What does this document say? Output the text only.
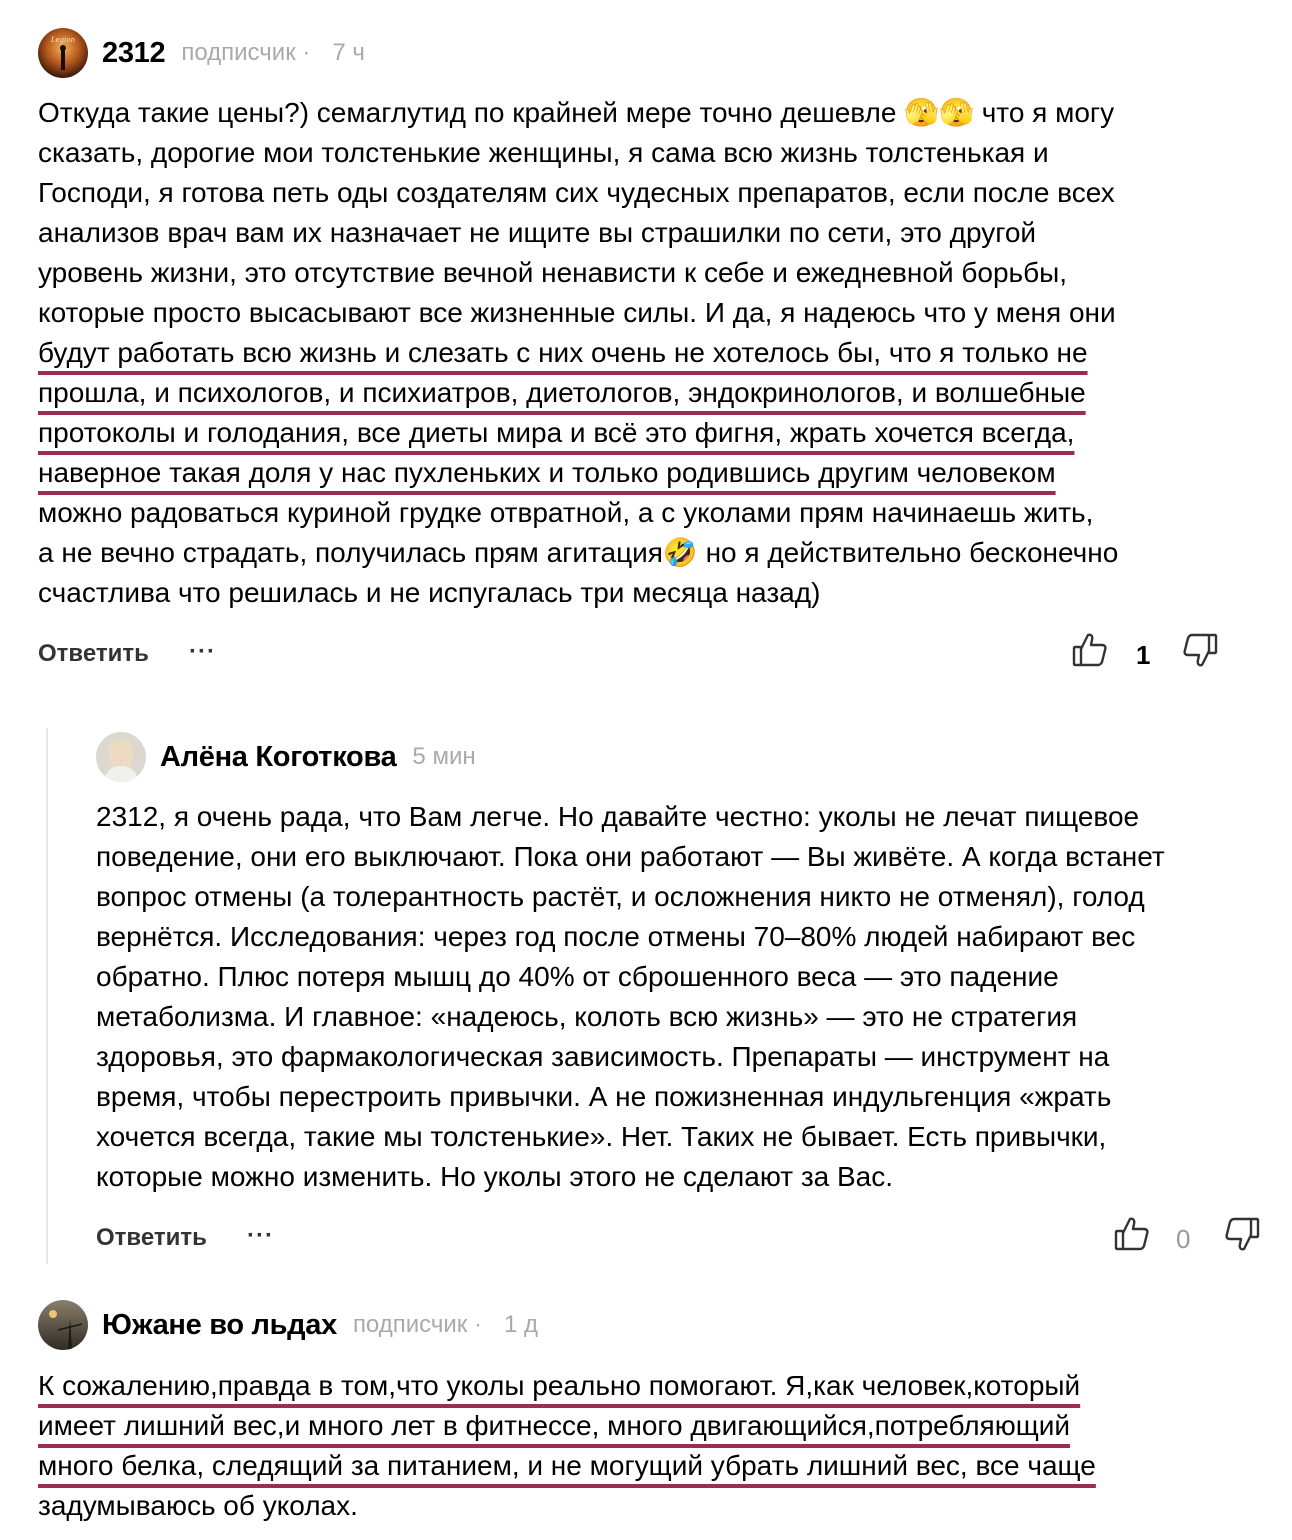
Legion 2312 подписчик · 7 ч
Откуда такие цены?) семаглутид по крайней мере точно дешевле 🫣🫣 что я могу
сказать, дорогие мои толстенькие женщины, я сама всю жизнь толстенькая и
Господи, я готова петь оды создателям сих чудесных препаратов, если после всех
анализов врач вам их назначает не ищите вы страшилки по сети, это другой
уровень жизни, это отсутствие вечной ненависти к себе и ежедневной борьбы,
которые просто высасывают все жизненные силы. И да, я надеюсь что у меня они
будут работать всю жизнь и слезать с них очень не хотелось бы, что я только не
прошла, и психологов, и психиатров, диетологов, эндокринологов, и волшебные
протоколы и голодания, все диеты мира и всё это фигня, жрать хочется всегда,
наверное такая доля у нас пухленьких и только родившись другим человеком
можно радоваться куриной грудке отвратной, а с уколами прям начинаешь жить,
а не вечно страдать, получилась прям агитация🤣 но я действительно бесконечно
счастлива что решилась и не испугалась три месяца назад)
Ответить ···	1
Алёна Коготкова 5 мин
2312, я очень рада, что Вам легче. Но давайте честно: уколы не лечат пищевое
поведение, они его выключают. Пока они работают — Вы живёте. А когда встанет
вопрос отмены (а толерантность растёт, и осложнения никто не отменял), голод
вернётся. Исследования: через год после отмены 70–80% людей набирают вес
обратно. Плюс потеря мышц до 40% от сброшенного веса — это падение
метаболизма. И главное: «надеюсь, колоть всю жизнь» — это не стратегия
здоровья, это фармакологическая зависимость. Препараты — инструмент на
время, чтобы перестроить привычки. А не пожизненная индульгенция «жрать
хочется всегда, такие мы толстенькие». Нет. Таких не бывает. Есть привычки,
которые можно изменить. Но уколы этого не сделают за Вас.
Ответить ···	0
Южане во льдах подписчик · 1 д
К сожалению,правда в том,что уколы реально помогают. Я,как человек,который
имеет лишний вес,и много лет в фитнессе, много двигающийся,потребляющий
много белка, следящий за питанием, и не могущий убрать лишний вес, все чаще
задумываюсь об уколах.
